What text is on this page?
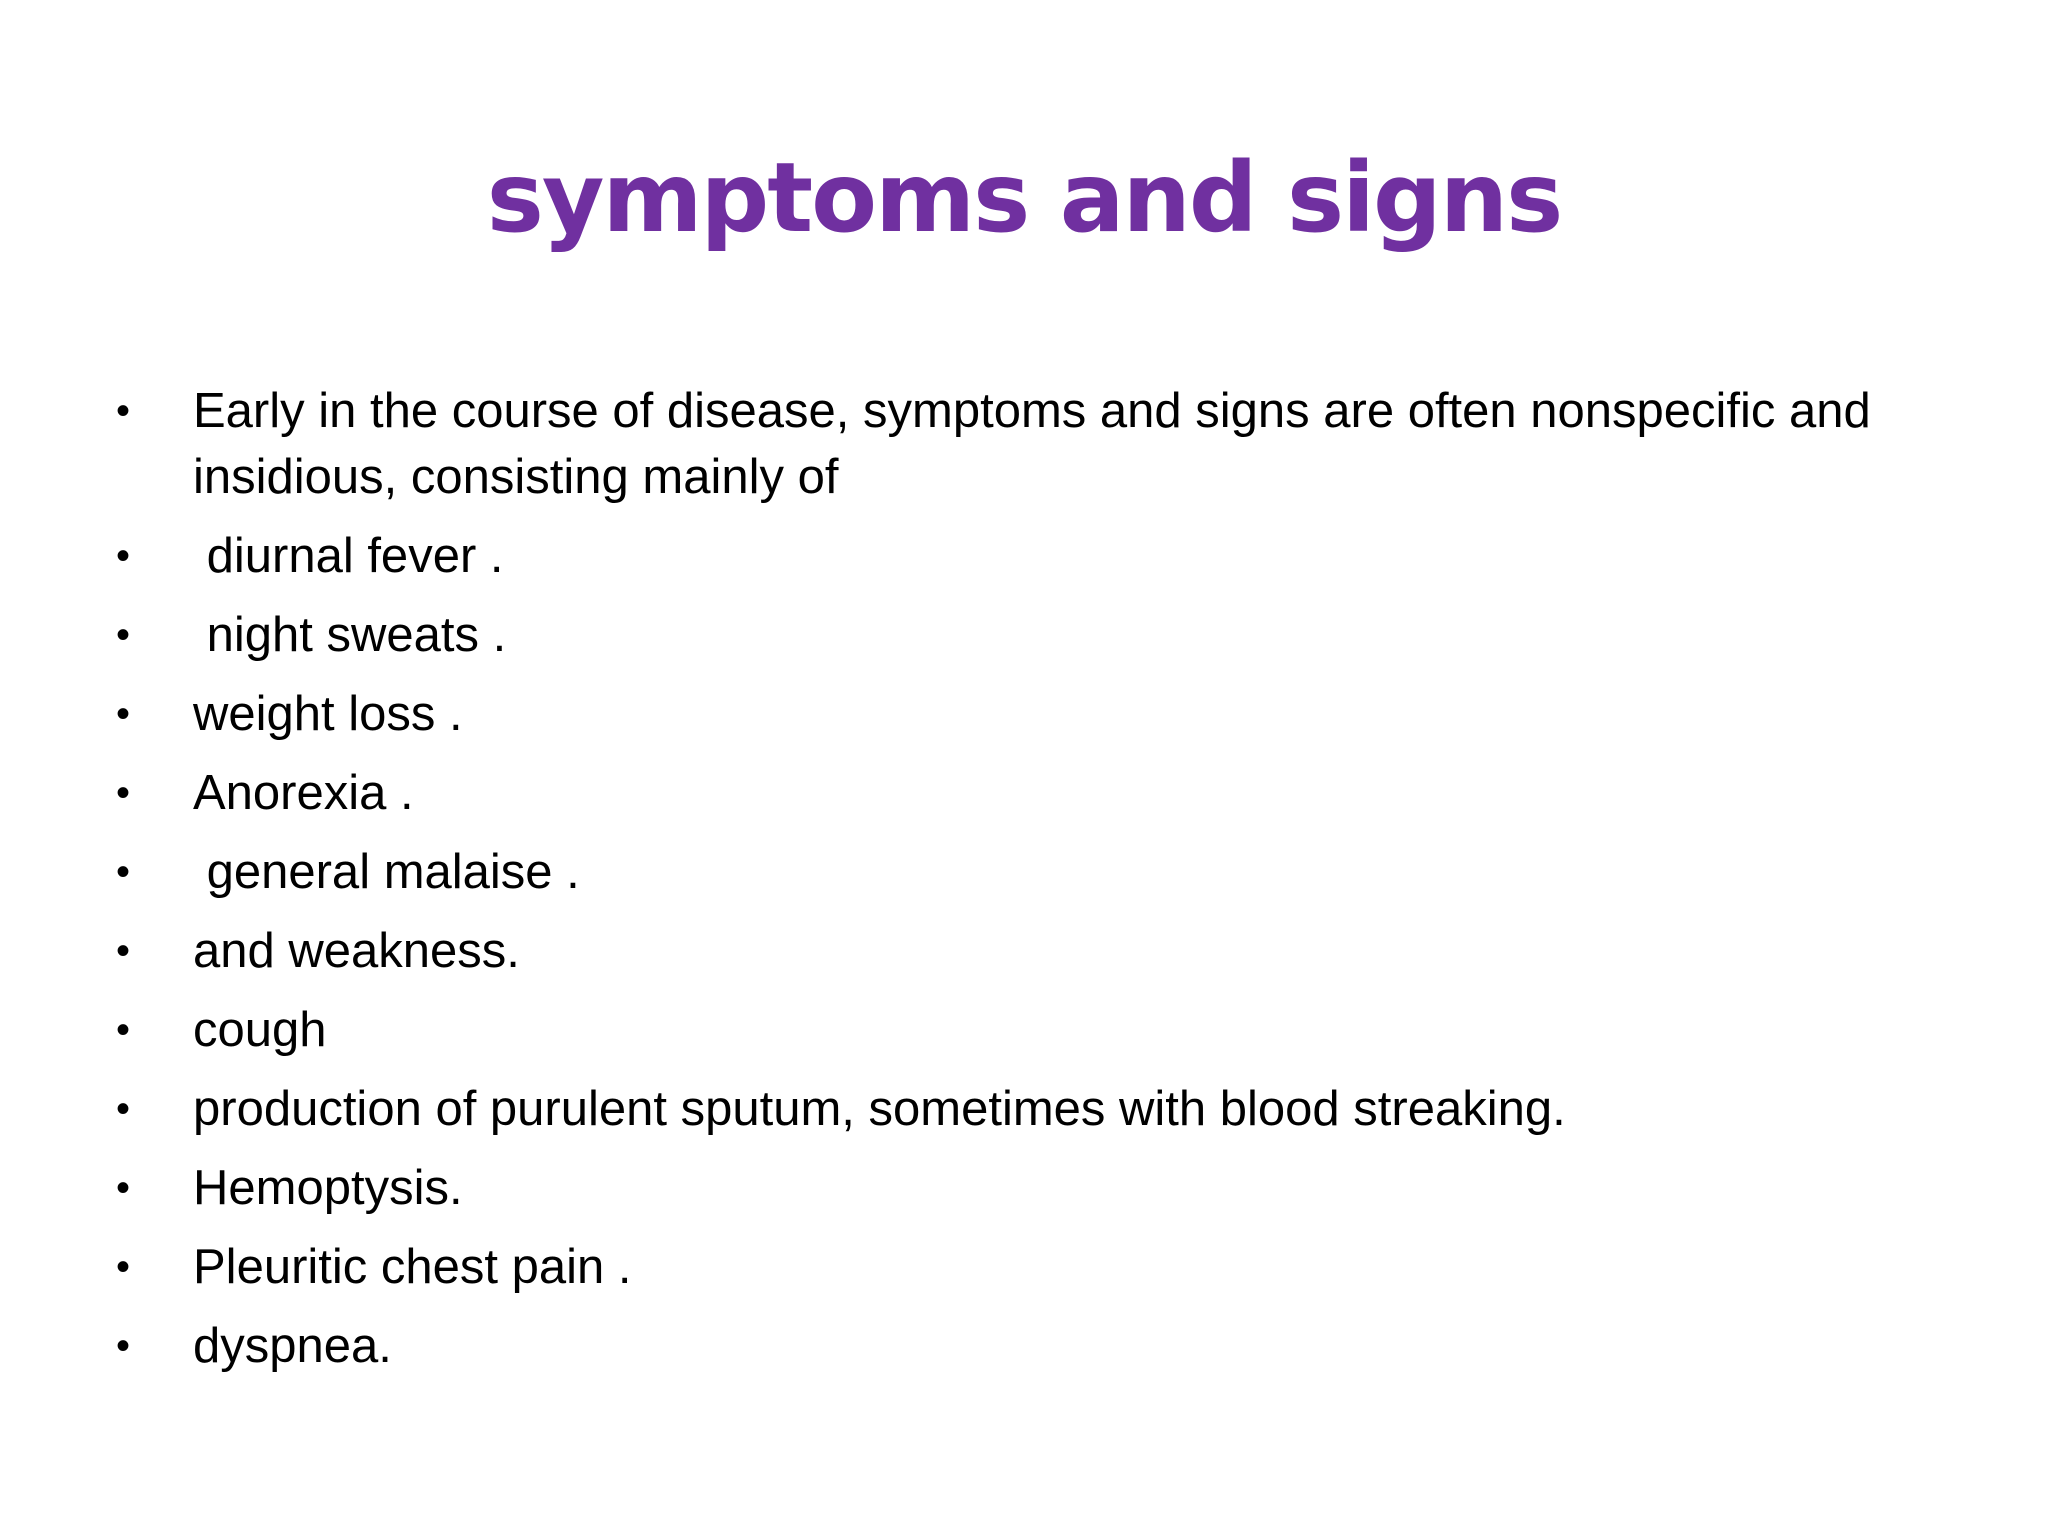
symptoms and signs
• Early in the course of disease, symptoms and signs are often nonspecific and
insidious, consisting mainly of
• diurnal fever .
• night sweats .
• weight loss .
• Anorexia .
• general malaise .
• and weakness.
• cough
• production of purulent sputum, sometimes with blood streaking.
• Hemoptysis.
• Pleuritic chest pain .
• dyspnea.
